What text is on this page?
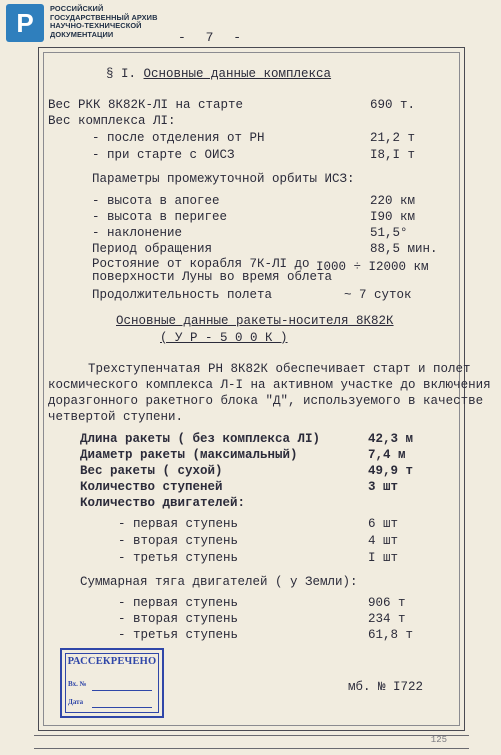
Р	РОССИЙСКИЙ
ГОСУДАРСТВЕННЫЙ АРХИВ
НАУЧНО-ТЕХНИЧЕСКОЙ
ДОКУМЕНТАЦИИ	- 7 -
§ I. Основные данные комплекса
Вес РКК 8К82К-ЛI на старте	690 т.
Вес комплекса ЛI:
- после отделения от РН	21,2 т
- при старте с ОИСЗ	I8,I т
Параметры промежуточной орбиты ИСЗ:
- высота в апогее	220 км
- высота в перигее	I90 км
- наклонение	51,5°
Период обращения	88,5 мин.
Ростояние от корабля 7К-ЛI до I000 ÷ I2000 км
поверхности Луны во время облета
Продолжительность полета	~ 7 суток
Основные данные ракеты-носителя 8К82К
( У Р - 5 0 0 К )
Трехступенчатая РН 8К82К обеспечивает старт и полет
космического комплекса Л-I на активном участке до включения
доразгонного ракетного блока "Д", используемого в качестве
четвертой ступени.
Длина ракеты ( без комплекса ЛI)	42,3 м
Диаметр ракеты (максимальный)	7,4 м
Вес ракеты ( сухой)	49,9 т
Количество ступеней	3 шт
Количество двигателей:
- первая ступень	6 шт
- вторая ступень	4 шт
- третья ступень	I шт
Суммарная тяга двигателей ( у Земли):
- первая ступень	906 т
- вторая ступень	234 т
- третья ступень	61,8 т
РАССЕКРЕЧЕНО
Вх. №
Дата
мб. № I722
125
